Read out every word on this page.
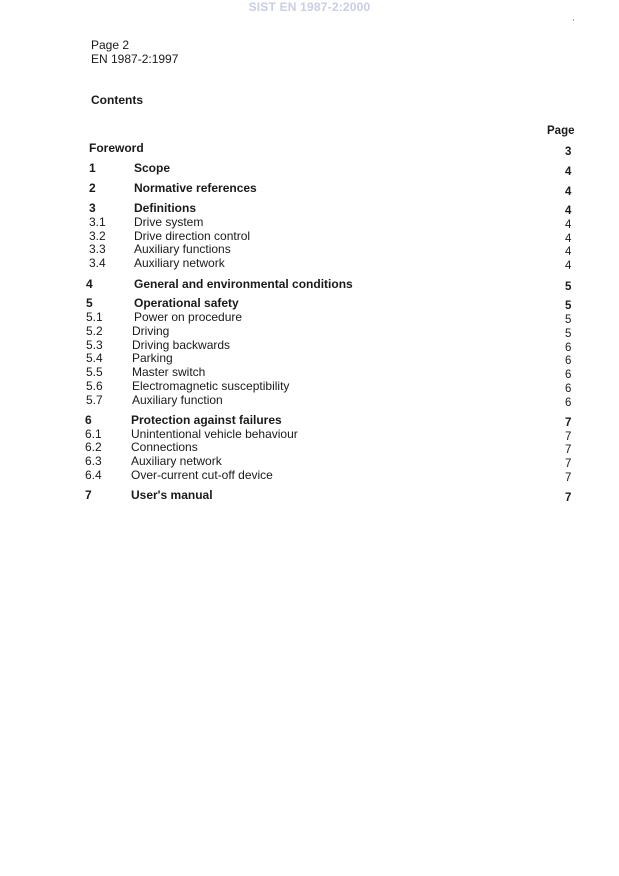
SIST EN 1987-2:2000
'
Page 2
EN 1987-2:1997
Contents
Page
Foreword	3
1	Scope	4
2	Normative references	4
3	Definitions	4
3.1 Drive system	4
3.2 Drive direction control	4
3.3 Auxiliary functions	4
3.4 Auxiliary network	4
4	General and environmental conditions	5
5	Operational safety	5
5.1	Power on procedure	5
5.2 Driving	5
5.3 Driving backwards	6
5.4 Parking	6
5.5 Master switch	6
5.6 Electromagnetic susceptibility	6
5.7 Auxiliary function	6
6	Protection against failures	7
6.1 Unintentional vehicle behaviour	7
6.2 Connections	7
6.3 Auxiliary network	7
6.4 Over-current cut-off device	7
7	User's manual	7
